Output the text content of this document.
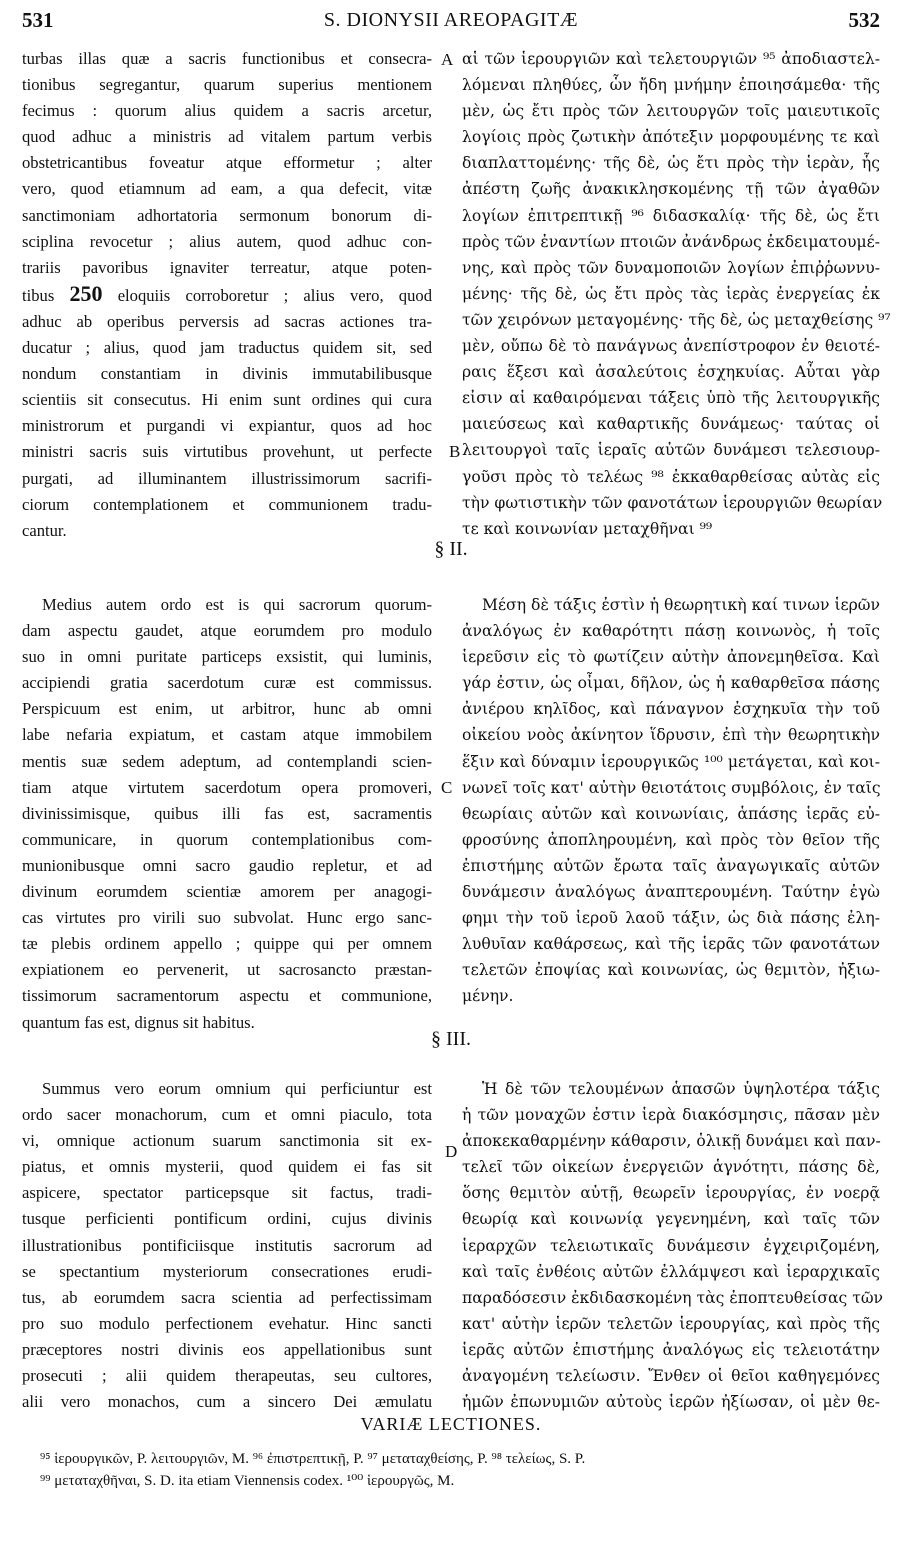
531	S. DIONYSII AREOPAGITÆ	532
turbas illas quæ a sacris functionibus et consecra-
tionibus segregantur, quarum superius mentionem
fecimus : quorum alius quidem a sacris arcetur,
quod adhuc a ministris ad vitalem partum verbis
obstetricantibus foveatur atque efformetur ; alter
vero, quod etiamnum ad eam, a qua defecit, vitæ
sanctimoniam adhortatoria sermonum bonorum di-
sciplina revocetur ; alius autem, quod adhuc con-
trariis pavoribus ignaviter terreatur, atque poten-
tibus 250 eloquiis corroboretur ; alius vero, quod
adhuc ab operibus perversis ad sacras actiones tra-
ducatur ; alius, quod jam traductus quidem sit, sed
nondum constantiam in divinis immutabilibusque
scientiis sit consecutus. Hi enim sunt ordines qui cura
ministrorum et purgandi vi expiantur, quos ad hoc
ministri sacris suis virtutibus provehunt, ut perfecte
purgati, ad illuminantem illustrissimorum sacrifi-
ciorum contemplationem et communionem tradu-
cantur.
A αἱ τῶν ἱερουργιῶν καὶ τελετουργιῶν ⁹⁵ ἀποδιαστελ-
λόμεναι πληθύες, ὧν ἤδη μνήμην ἐποιησάμεθα· τῆς
μὲν, ὡς ἔτι πρὸς τῶν λειτουργῶν τοῖς μαιευτικοῖς
λογίοις πρὸς ζωτικὴν ἀπότεξιν μορφουμένης τε καὶ
διαπλαττομένης· τῆς δὲ, ὡς ἔτι πρὸς τὴν ἱερὰν, ἧς
ἀπέστη ζωῆς ἀνακικλησκομένης τῇ τῶν ἀγαθῶν
λογίων ἐπιτρεπτικῇ ⁹⁶ διδασκαλίᾳ· τῆς δὲ, ὡς ἔτι
πρὸς τῶν ἐναντίων πτοιῶν ἀνάνδρως ἐκδειματουμέ-
νης, καὶ πρὸς τῶν δυναμοποιῶν λογίων ἐπιῤῥωννυ-
μένης· τῆς δὲ, ὡς ἔτι πρὸς τὰς ἱερὰς ἐνεργείας ἐκ
τῶν χειρόνων μεταγομένης· τῆς δὲ, ὡς μεταχθείσης ⁹⁷
μὲν, οὔπω δὲ τὸ πανάγνως ἀνεπίστροφον ἐν θειοτέ-
ραις ἕξεσι καὶ ἀσαλεύτοις ἐσχηκυίας. Αὗται γὰρ
εἰσιν αἱ καθαιρόμεναι τάξεις ὑπὸ τῆς λειτουργικῆς
μαιεύσεως καὶ καθαρτικῆς δυνάμεως· ταύτας οἱ
λειτουργοὶ ταῖς ἱεραῖς αὐτῶν δυνάμεσι τελεσιουρ-
γοῦσι πρὸς τὸ τελέως ⁹⁸ ἐκκαθαρθείσας αὐτὰς εἰς
τὴν φωτιστικὴν τῶν φανοτάτων ἱερουργιῶν θεωρίαν
τε καὶ κοινωνίαν μεταχθῆναι ⁹⁹
B
§ II.
Medius autem ordo est is qui sacrorum quorum-
dam aspectu gaudet, atque eorumdem pro modulo
suo in omni puritate particeps exsistit, qui luminis,
accipiendi gratia sacerdotum curæ est commissus.
Perspicuum est enim, ut arbitror, hunc ab omni
labe nefaria expiatum, et castam atque immobilem
mentis suæ sedem adeptum, ad contemplandi scien-
tiam atque virtutem sacerdotum opera promoveri,
divinissimisque, quibus illi fas est, sacramentis
communicare, in quorum contemplationibus com-
munionibusque omni sacro gaudio repletur, et ad
divinum eorumdem scientiæ amorem per anagogi-
cas virtutes pro virili suo subvolat. Hunc ergo sanc-
tæ plebis ordinem appello ; quippe qui per omnem
expiationem eo pervenerit, ut sacrosancto præstan-
tissimorum sacramentorum aspectu et communione,
quantum fas est, dignus sit habitus.
Μέση δὲ τάξις ἐστὶν ἡ θεωρητικὴ καί τινων ἱερῶν
ἀναλόγως ἐν καθαρότητι πάσῃ κοινωνὸς, ἡ τοῖς
ἱερεῦσιν εἰς τὸ φωτίζειν αὐτὴν ἀπονεμηθεῖσα. Καὶ
γάρ ἐστιν, ὡς οἶμαι, δῆλον, ὡς ἡ καθαρθεῖσα πάσης
ἀνιέρου κηλῖδος, καὶ πάναγνον ἐσχηκυῖα τὴν τοῦ
οἰκείου νοὸς ἀκίνητον ἵδρυσιν, ἐπὶ τὴν θεωρητικὴν
ἕξιν καὶ δύναμιν ἱερουργικῶς ¹⁰⁰ μετάγεται, καὶ κοι-
νωνεῖ τοῖς κατ' αὐτὴν θειοτάτοις συμβόλοις, ἐν ταῖς
θεωρίαις αὐτῶν καὶ κοινωνίαις, ἁπάσης ἱερᾶς εὐ-
φροσύνης ἀποπληρουμένη, καὶ πρὸς τὸν θεῖον τῆς
ἐπιστήμης αὐτῶν ἔρωτα ταῖς ἀναγωγικαῖς αὐτῶν
δυνάμεσιν ἀναλόγως ἀναπτερουμένη. Ταύτην ἐγὼ
φημι τὴν τοῦ ἱεροῦ λαοῦ τάξιν, ὡς διὰ πάσης ἐλη-
λυθυῖαν καθάρσεως, καὶ τῆς ἱερᾶς τῶν φανοτάτων
τελετῶν ἐποψίας καὶ κοινωνίας, ὡς θεμιτὸν, ἠξιω-
μένην.
C
§ III.
Summus vero eorum omnium qui perficiuntur est
ordo sacer monachorum, cum et omni piaculo, tota
vi, omnique actionum suarum sanctimonia sit ex-
piatus, et omnis mysterii, quod quidem ei fas sit
aspicere, spectator particepsque sit factus, tradi-
tusque perficienti pontificum ordini, cujus divinis
illustrationibus pontificiisque institutis sacrorum ad
se spectantium mysteriorum consecrationes erudi-
tus, ab eorumdem sacra scientia ad perfectissimam
pro suo modulo perfectionem evehatur. Hinc sancti
præceptores nostri divinis eos appellationibus sunt
prosecuti ; alii quidem therapeutas, seu cultores,
alii vero monachos, cum a sincero Dei æmulatu
D
Ἡ δὲ τῶν τελουμένων ἁπασῶν ὑψηλοτέρα τάξις
ἡ τῶν μοναχῶν ἐστιν ἱερὰ διακόσμησις, πᾶσαν μὲν
ἀποκεκαθαρμένην κάθαρσιν, ὁλικῇ δυνάμει καὶ παν-
τελεῖ τῶν οἰκείων ἐνεργειῶν ἁγνότητι, πάσης δὲ,
ὅσης θεμιτὸν αὐτῇ, θεωρεῖν ἱερουργίας, ἐν νοερᾷ
θεωρίᾳ καὶ κοινωνίᾳ γεγενημένη, καὶ ταῖς τῶν
ἱεραρχῶν τελειωτικαῖς δυνάμεσιν ἐγχειριζομένη,
καὶ ταῖς ἐνθέοις αὐτῶν ἐλλάμψεσι καὶ ἱεραρχικαῖς
παραδόσεσιν ἐκδιδασκομένη τὰς ἐποπτευθείσας τῶν
κατ' αὐτὴν ἱερῶν τελετῶν ἱερουργίας, καὶ πρὸς τῆς
ἱερᾶς αὐτῶν ἐπιστήμης ἀναλόγως εἰς τελειοτάτην
ἀναγομένη τελείωσιν. Ἔνθεν οἱ θεῖοι καθηγεμόνες
ἡμῶν ἐπωνυμιῶν αὐτοὺς ἱερῶν ἠξίωσαν, οἱ μὲν θε-
VARIÆ LECTIONES.
⁹⁵ ἱερουργικῶν, P. λειτουργιῶν, M. ⁹⁶ ἐπιστρεπτικῇ, P. ⁹⁷ μεταταχθείσης, P. ⁹⁸ τελείως, S. P.
⁹⁹ μεταταχθῆναι, S. D. ita etiam Viennensis codex. ¹⁰⁰ ἱερουργῶς, M.
